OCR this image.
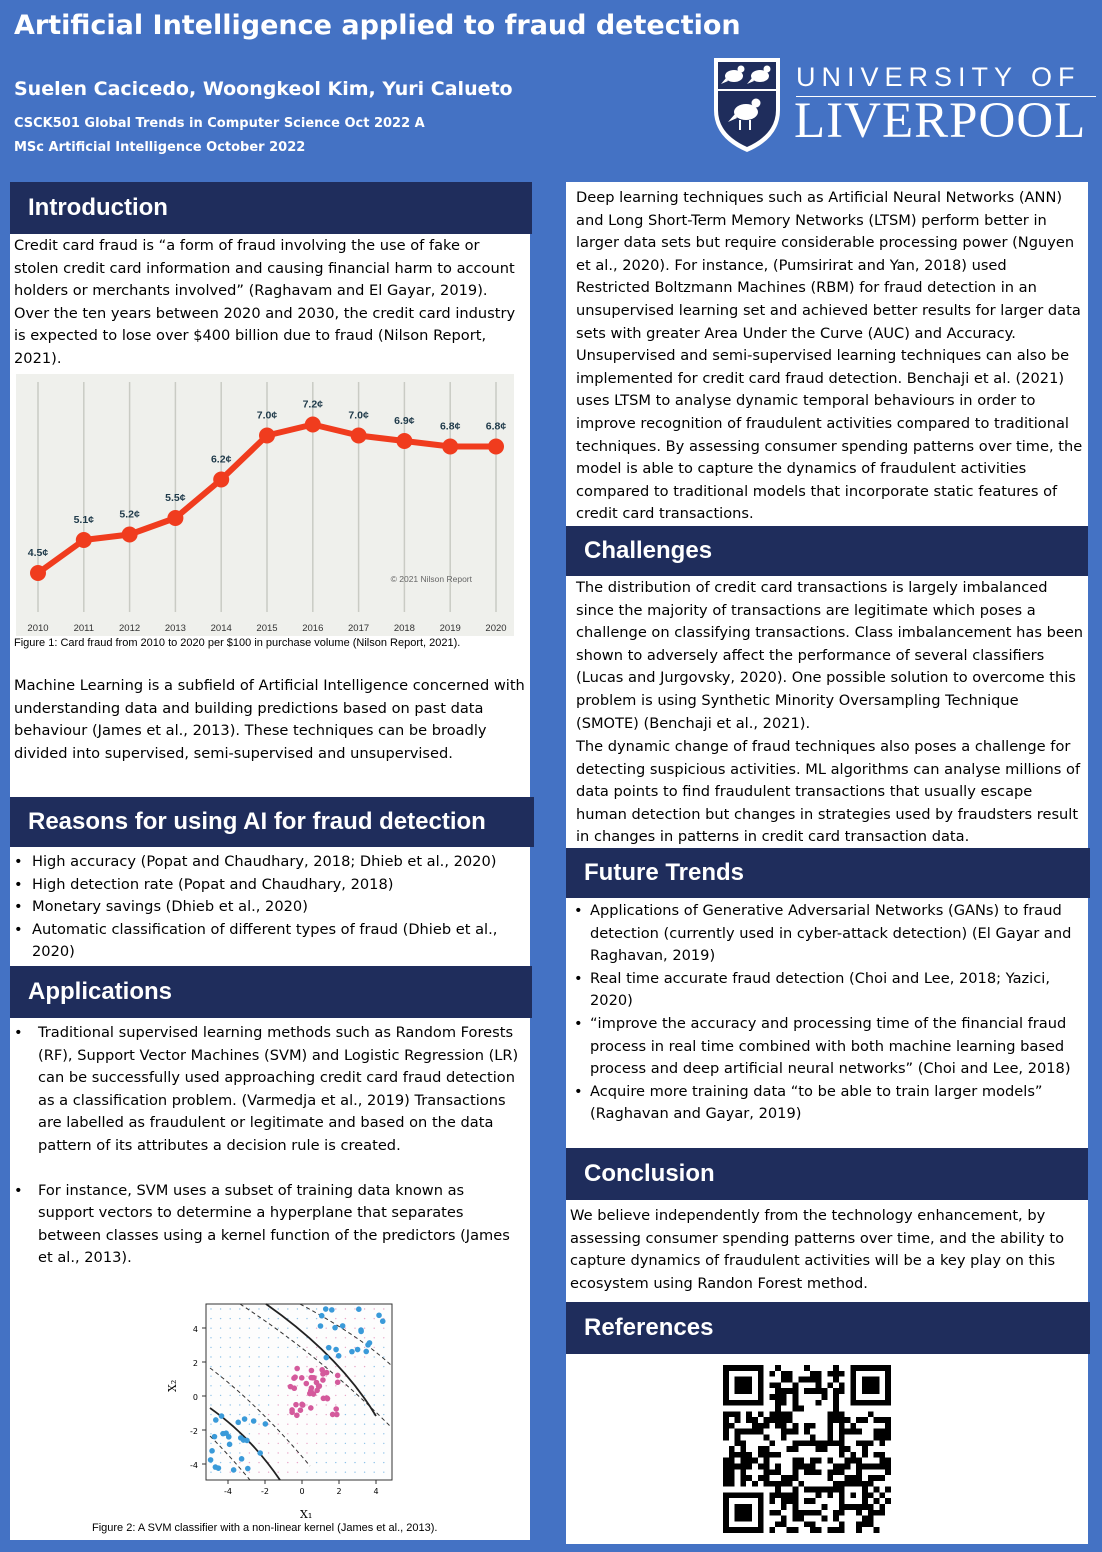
Artificial Intelligence applied to fraud detection
Suelen Cacicedo, Woongkeol Kim, Yuri Calueto
CSCK501 Global Trends in Computer Science Oct 2022 A
MSc Artificial Intelligence October 2022
UNIVERSITY OF
LIVERPOOL
Introduction

Credit card fraud is “a form of fraud involving the use of fake or stolen credit card information and causing financial harm to account holders or merchants involved” (Raghavam and El Gayar, 2019). Over the ten years between 2020 and 2030, the credit card industry is expected to lose over $400 billion due to fraud (Nilson Report, 2021).

2010	2011	2012	2013	2014	2015	2016	2017	2018	2019	2020
4.5¢
5.1¢ 5.2¢
5.5¢
6.2¢
7.0¢
7.2¢
7.0¢ 6.9¢ 6.8¢ 6.8¢
© 2021 Nilson Report
Figure 1: Card fraud from 2010 to 2020 per $100 in purchase volume (Nilson Report, 2021).

Machine Learning is a subfield of Artificial Intelligence concerned with understanding data and building predictions based on past data behaviour (James et al., 2013). These techniques can be broadly divided into supervised, semi-supervised and unsupervised.

Reasons for using AI for fraud detection
• High accuracy (Popat and Chaudhary, 2018; Dhieb et al., 2020)
• High detection rate (Popat and Chaudhary, 2018)
• Monetary savings (Dhieb et al., 2020)
• Automatic classification of different types of fraud (Dhieb et al., 2020)
Applications
• Traditional supervised learning methods such as Random Forests (RF), Support Vector Machines (SVM) and Logistic Regression (LR) can be successfully used approaching credit card fraud detection as a classification problem. (Varmedja et al., 2019) Transactions are labelled as fraudulent or legitimate and based on the data pattern of its attributes a decision rule is created.
• For instance, SVM uses a subset of training data known as support vectors to determine a hyperplane that separates between classes using a kernel function of the predictors (James et al., 2013).
X₂
X₁
4
2
0
-2
-4
-4	-2	0	2	4
Figure 2: A SVM classifier with a non-linear kernel (James et al., 2013).

Deep learning techniques such as Artificial Neural Networks (ANN) and Long Short-Term Memory Networks (LTSM) perform better in larger data sets but require considerable processing power (Nguyen et al., 2020). For instance, (Pumsirirat and Yan, 2018) used Restricted Boltzmann Machines (RBM) for fraud detection in an unsupervised learning set and achieved better results for larger data sets with greater Area Under the Curve (AUC) and Accuracy. Unsupervised and semi-supervised learning techniques can also be implemented for credit card fraud detection. Benchaji et al. (2021) uses LTSM to analyse dynamic temporal behaviours in order to improve recognition of fraudulent activities compared to traditional techniques. By assessing consumer spending patterns over time, the model is able to capture the dynamics of fraudulent activities compared to traditional models that incorporate static features of credit card transactions.

Challenges

The distribution of credit card transactions is largely imbalanced since the majority of transactions are legitimate which poses a challenge on classifying transactions. Class imbalancement has been shown to adversely affect the performance of several classifiers (Lucas and Jurgovsky, 2020). One possible solution to overcome this problem is using Synthetic Minority Oversampling Technique (SMOTE) (Benchaji et al., 2021).

The dynamic change of fraud techniques also poses a challenge for detecting suspicious activities. ML algorithms can analyse millions of data points to find fraudulent transactions that usually escape human detection but changes in strategies used by fraudsters result in changes in patterns in credit card transaction data.

Future Trends
• Applications of Generative Adversarial Networks (GANs) to fraud detection (currently used in cyber-attack detection) (El Gayar and Raghavan, 2019)
• Real time accurate fraud detection (Choi and Lee, 2018; Yazici, 2020)
• “improve the accuracy and processing time of the financial fraud process in real time combined with both machine learning based process and deep artificial neural networks” (Choi and Lee, 2018)
• Acquire more training data “to be able to train larger models” (Raghavan and Gayar, 2019)
Conclusion

We believe independently from the technology enhancement, by assessing consumer spending patterns over time, and the ability to capture dynamics of fraudulent activities will be a key play on this ecosystem using Randon Forest method.

References
